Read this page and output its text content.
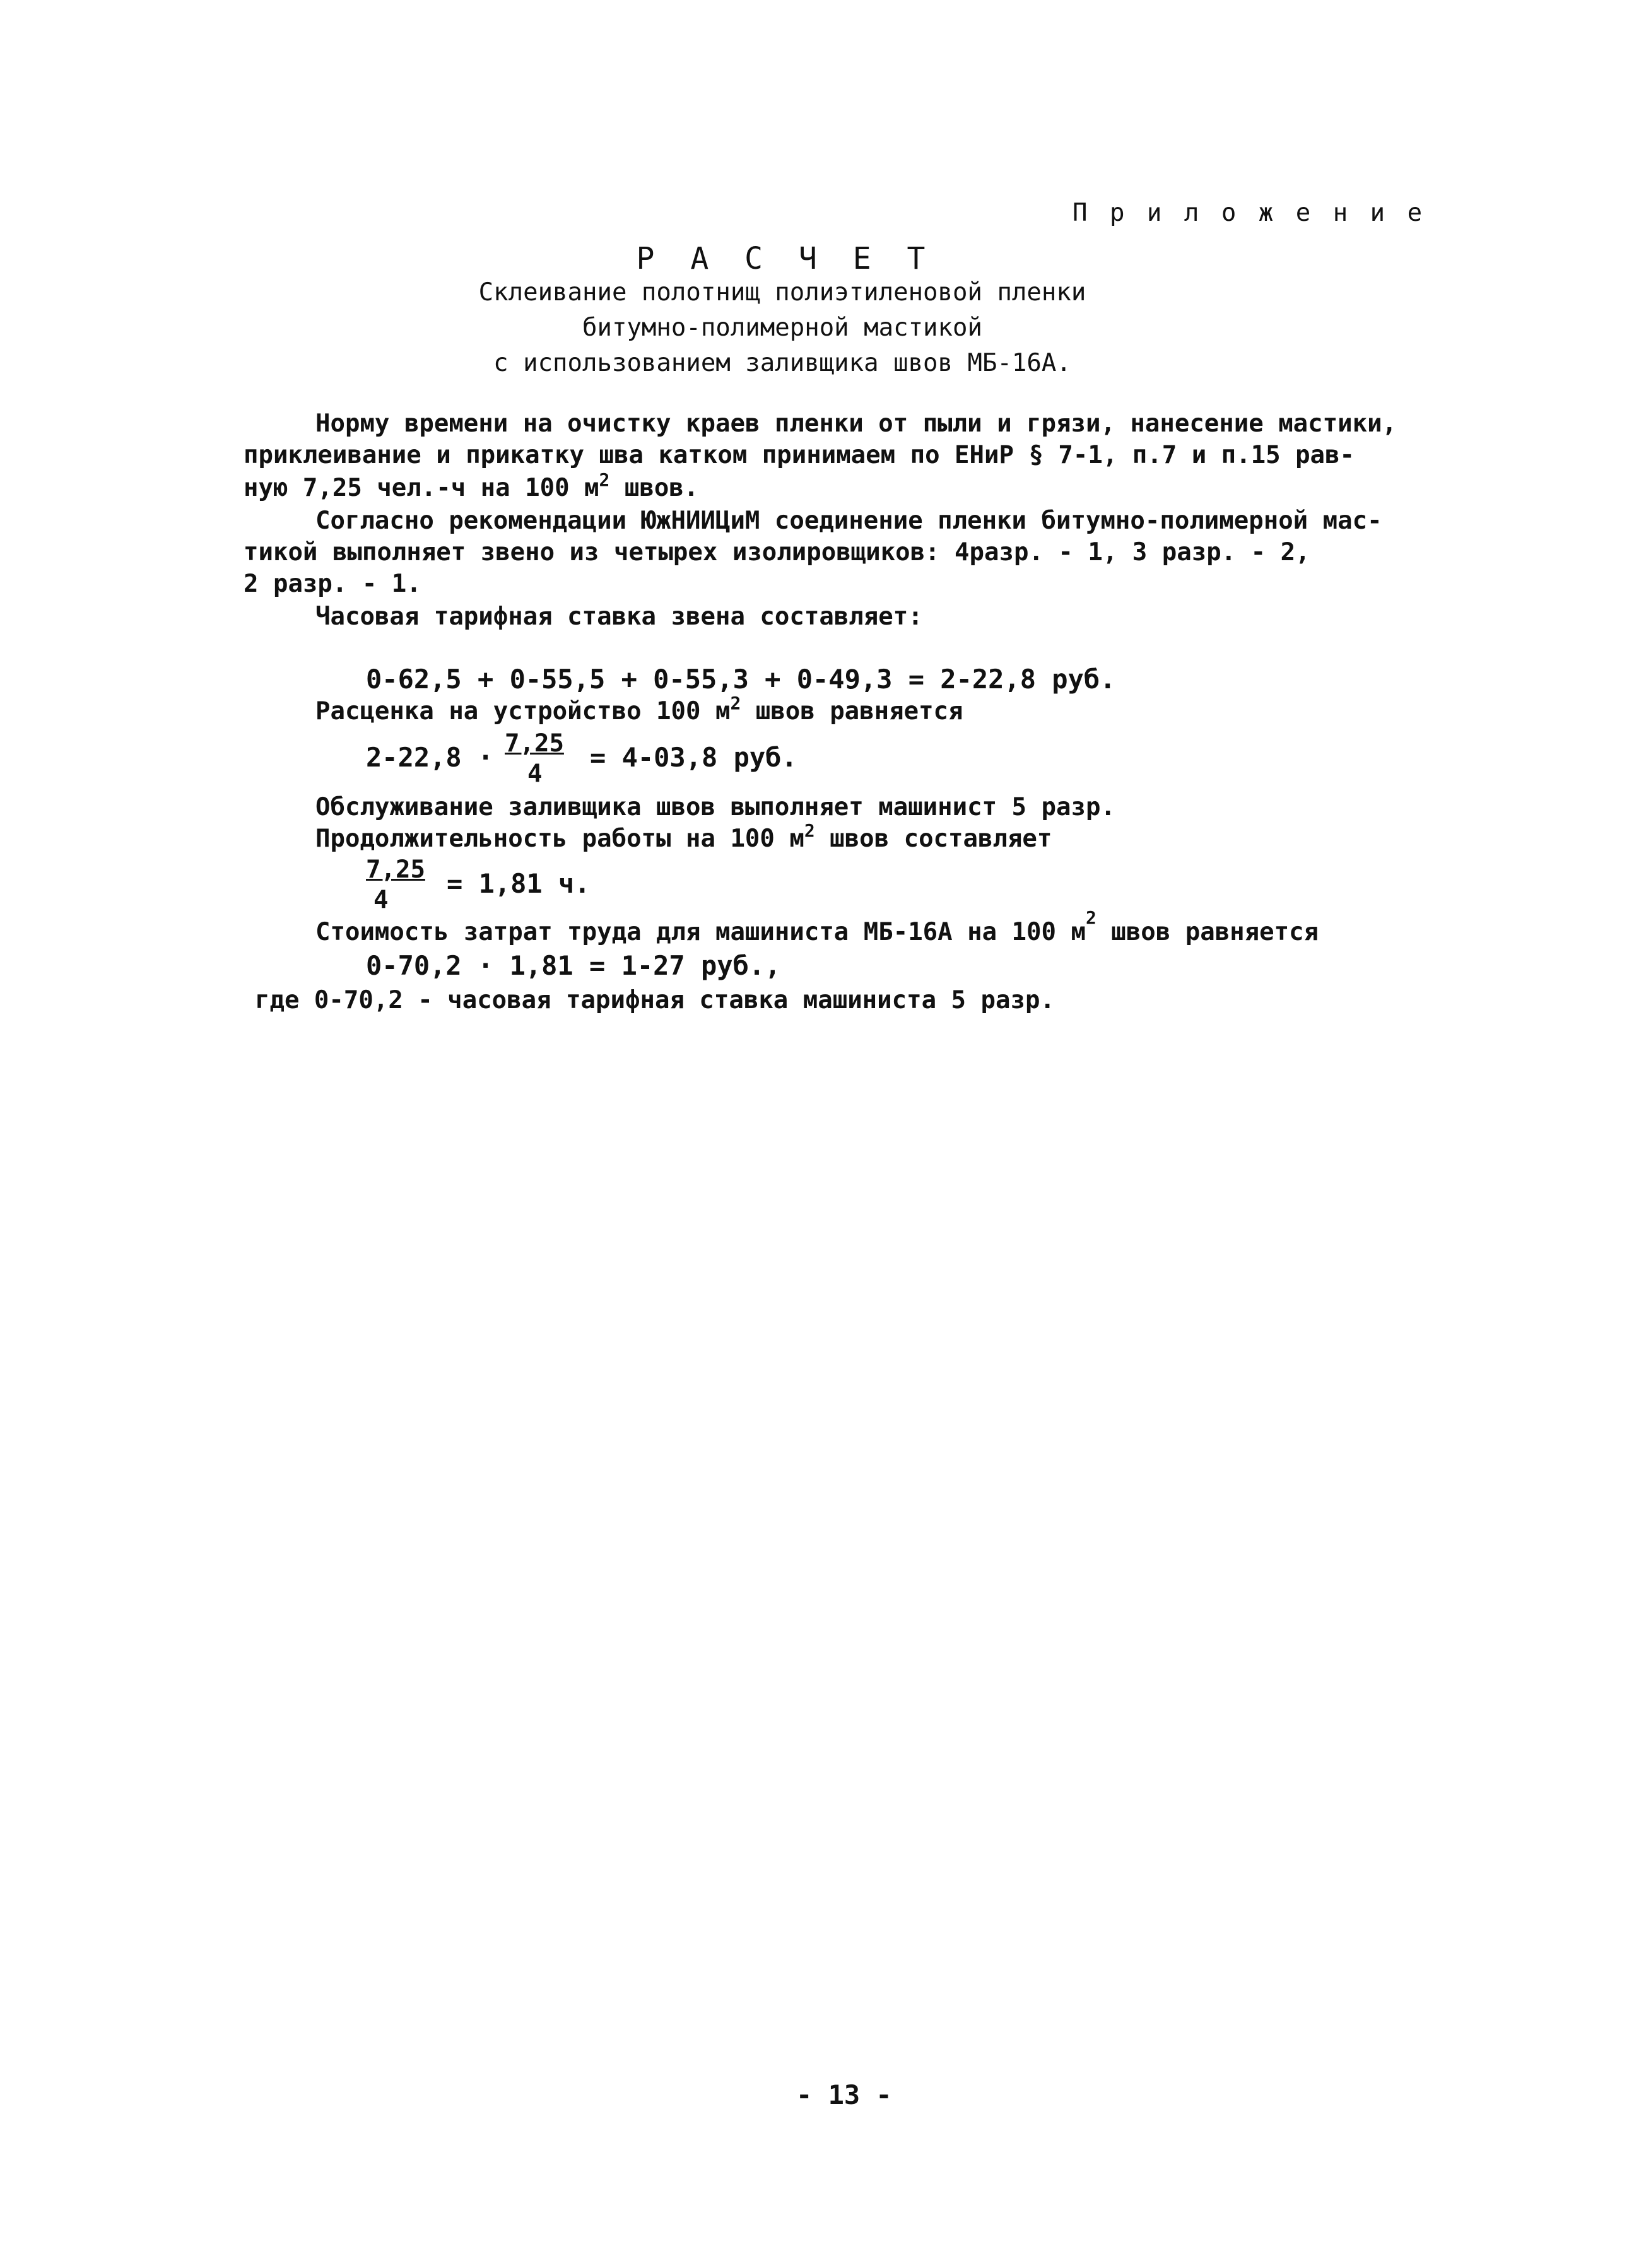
П р и л о ж е н и е
Р А С Ч Е Т
Склеивание полотнищ полиэтиленовой пленки
битумно-полимерной мастикой
с использованием заливщика швов МБ-16А.
Норму времени на очистку краев пленки от пыли и грязи, нанесение мастики,
приклеивание и прикатку шва катком принимаем по ЕНиР § 7-1, п.7 и п.15 рав-
ную 7,25 чел.-ч на 100 $м^2$ швов.
Согласно рекомендации ЮжНИИЦиМ соединение пленки битумно-полимерной мас-
тикой выполняет звено из четырех изолировщиков: 4разр. - 1, 3 разр. - 2,
2 разр. - 1.
Часовая тарифная ставка звена составляет:
0-62,5 + 0-55,5 + 0-55,3 + 0-49,3 = 2-22,8 руб.
Расценка на устройство 100 $м^2$ швов равняется
2-22,8 ·
$\frac{7,25}{4}$
= 4-03,8 руб.
Обслуживание заливщика швов выполняет машинист 5 разр.
Продолжительность работы на 100 $м^2$ швов составляет
$\frac{7,25}{4}$
= 1,81 ч.
Стоимость затрат труда для машиниста МБ-16А на 100 $м^2$ швов равняется
0-70,2 · 1,81 = 1-27 руб.,
где 0-70,2 - часовая тарифная ставка машиниста 5 разр.
- 13 -
